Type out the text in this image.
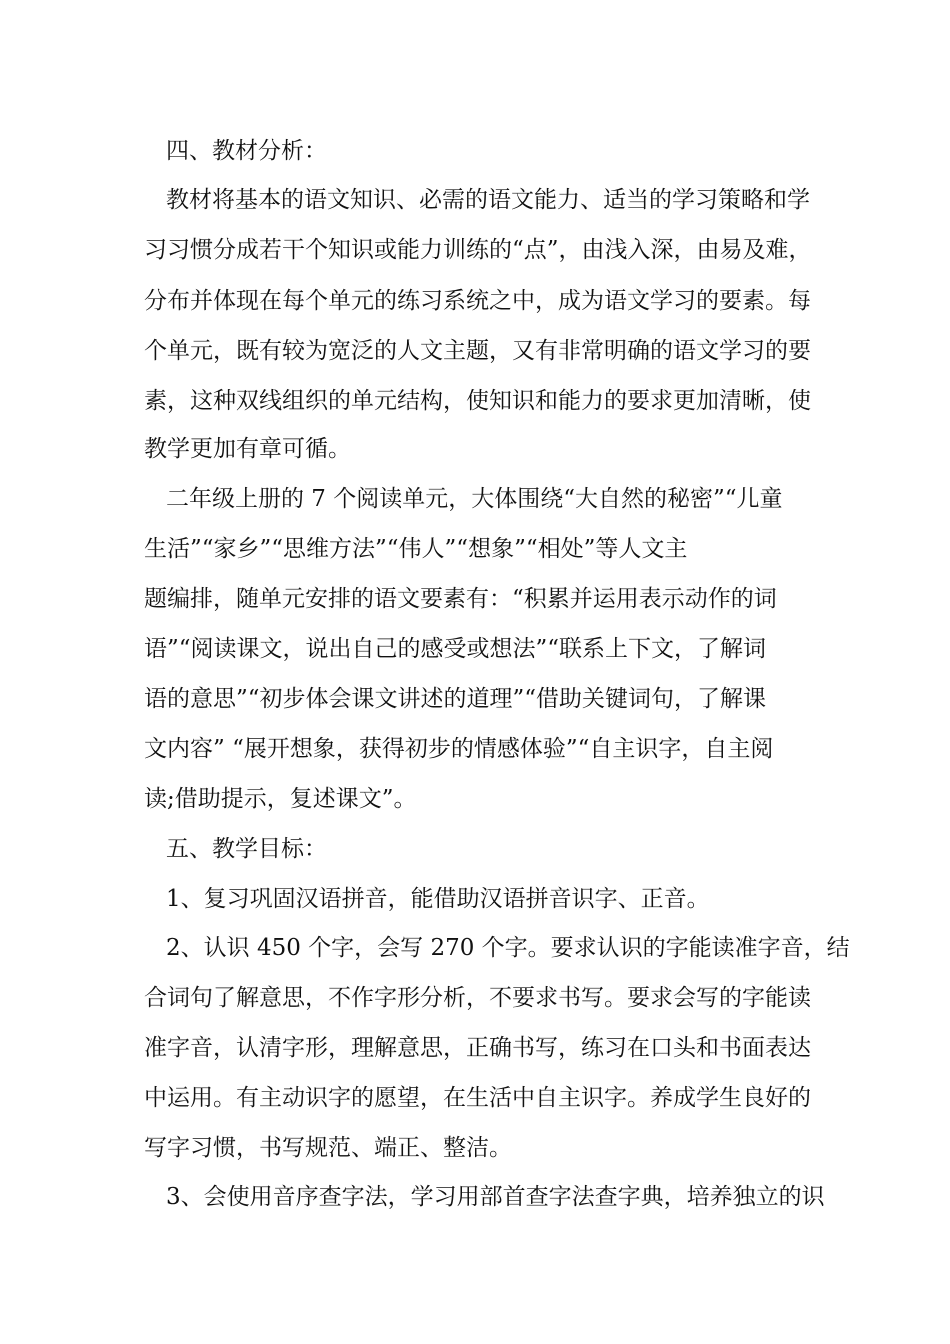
四、教材分析：
教材将基本的语文知识、必需的语文能力、适当的学习策略和学
习习惯分成若干个知识或能力训练的“点”，由浅入深，由易及难，
分布并体现在每个单元的练习系统之中，成为语文学习的要素。每
个单元，既有较为宽泛的人文主题，又有非常明确的语文学习的要
素，这种双线组织的单元结构，使知识和能力的要求更加清晰，使
教学更加有章可循。
二年级上册的 7 个阅读单元，大体围绕“大自然的秘密”“儿童
生活”“家乡”“思维方法”“伟人”“想象”“相处”等人文主
题编排，随单元安排的语文要素有：“积累并运用表示动作的词
语”“阅读课文，说出自己的感受或想法”“联系上下文，了解词
语的意思”“初步体会课文讲述的道理”“借助关键词句，了解课
文内容” “展开想象，获得初步的情感体验”“自主识字，自主阅
读;借助提示，复述课文”。
五、教学目标：
1、复习巩固汉语拼音，能借助汉语拼音识字、正音。
2、认识 450 个字，会写 270 个字。要求认识的字能读准字音，结
合词句了解意思，不作字形分析，不要求书写。要求会写的字能读
准字音，认清字形，理解意思，正确书写，练习在口头和书面表达
中运用。有主动识字的愿望，在生活中自主识字。养成学生良好的
写字习惯，书写规范、端正、整洁。
3、会使用音序查字法，学习用部首查字法查字典，培养独立的识
